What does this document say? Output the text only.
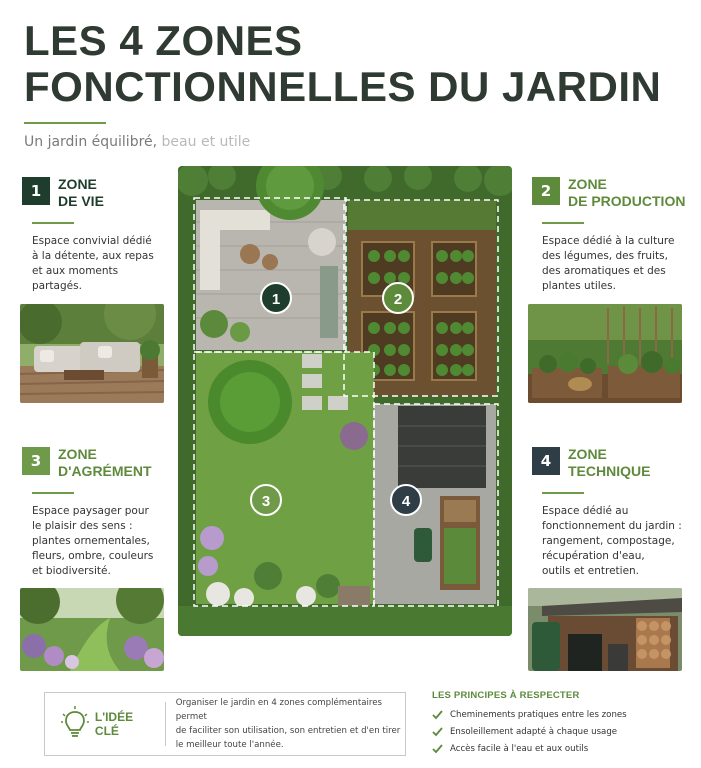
LES 4 ZONES
FONCTIONNELLES DU JARDIN
Un jardin équilibré, beau et utile
1	ZONE
DE VIE
Espace convivial dédié
à la détente, aux repas
et aux moments
partagés.
2	ZONE
DE PRODUCTION
Espace dédié à la culture
des légumes, des fruits,
des aromatiques et des
plantes utiles.
3	ZONE
D'AGRÉMENT
Espace paysager pour
le plaisir des sens :
plantes ornementales,
fleurs, ombre, couleurs
et biodiversité.
4	ZONE
TECHNIQUE
Espace dédié au
fonctionnement du jardin :
rangement, compostage,
récupération d'eau,
outils et entretien.
1	2
3	4
L'IDÉE CLÉ
Organiser le jardin en 4 zones complémentaires permet
de faciliter son utilisation, son entretien et d'en tirer
le meilleur toute l'année.
LES PRINCIPES À RESPECTER
Cheminements pratiques entre les zones
Ensoleillement adapté à chaque usage
Accès facile à l'eau et aux outils
